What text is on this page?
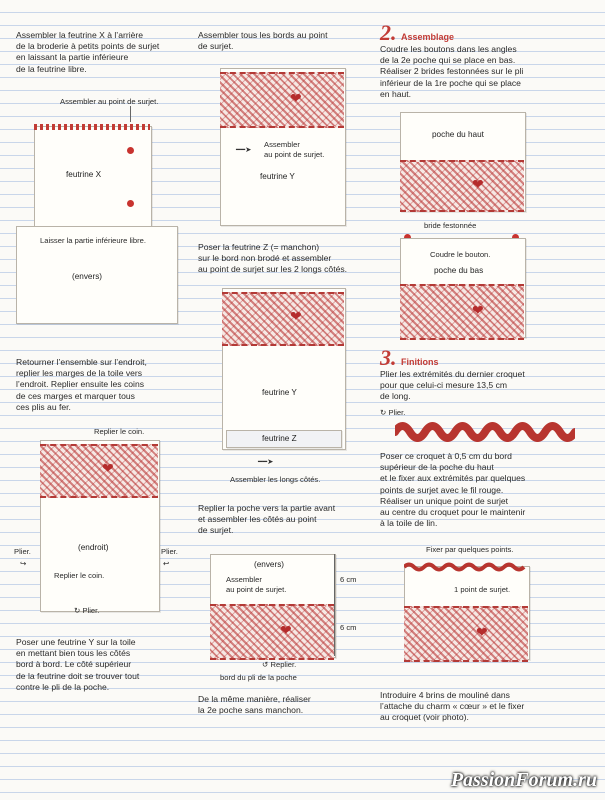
Assembler la feutrine X à l’arrière
de la broderie à petits points de surjet
en laissant la partie inférieure
de la feutrine libre.
Assembler au point de surjet.
feutrine X
Laisser la partie inférieure libre.
(envers)
Retourner l’ensemble sur l’endroit,
replier les marges de la toile vers
l’endroit. Replier ensuite les coins
de ces marges et marquer tous
ces plis au fer.
Replier le coin.
❤
Plier.
↪
Plier.
↩
(endroit)
Replier le coin.
↻ Plier.
Poser une feutrine Y sur la toile
en mettant bien tous les côtés
bord à bord. Le côté supérieur
de la feutrine doit se trouver tout
contre le pli de la poche.
Assembler tous les bords au point
de surjet.
❤
Assembler
au point de surjet.
━━➤
feutrine Y
Poser la feutrine Z (= manchon)
sur le bord non brodé et assembler
au point de surjet sur les 2 longs côtés.
❤
feutrine Y
feutrine Z
━━➤
Assembler les longs côtés.
Replier la poche vers la partie avant
et assembler les côtés au point
de surjet.
(envers)
Assembler
au point de surjet.
❤
6 cm
6 cm
↺ Replier.
bord du pli de la poche
De la même manière, réaliser
la 2e poche sans manchon.
2. Assemblage
Coudre les boutons dans les angles
de la 2e poche qui se place en bas.
Réaliser 2 brides festonnées sur le pli
inférieur de la 1re poche qui se place
en haut.
poche du haut
❤
bride festonnée
Coudre le bouton.
poche du bas
❤
3. Finitions
Plier les extrémités du dernier croquet
pour que celui-ci mesure 13,5 cm
de long.
↻ Plier.
Poser ce croquet à 0,5 cm du bord
supérieur de la poche du haut
et le fixer aux extrémités par quelques
points de surjet avec le fil rouge.
Réaliser un unique point de surjet
au centre du croquet pour le maintenir
à la toile de lin.
Fixer par quelques points.
1 point de surjet.
❤
Introduire 4 brins de mouliné dans
l’attache du charm « cœur » et le fixer
au croquet (voir photo).
PassionForum.ru
